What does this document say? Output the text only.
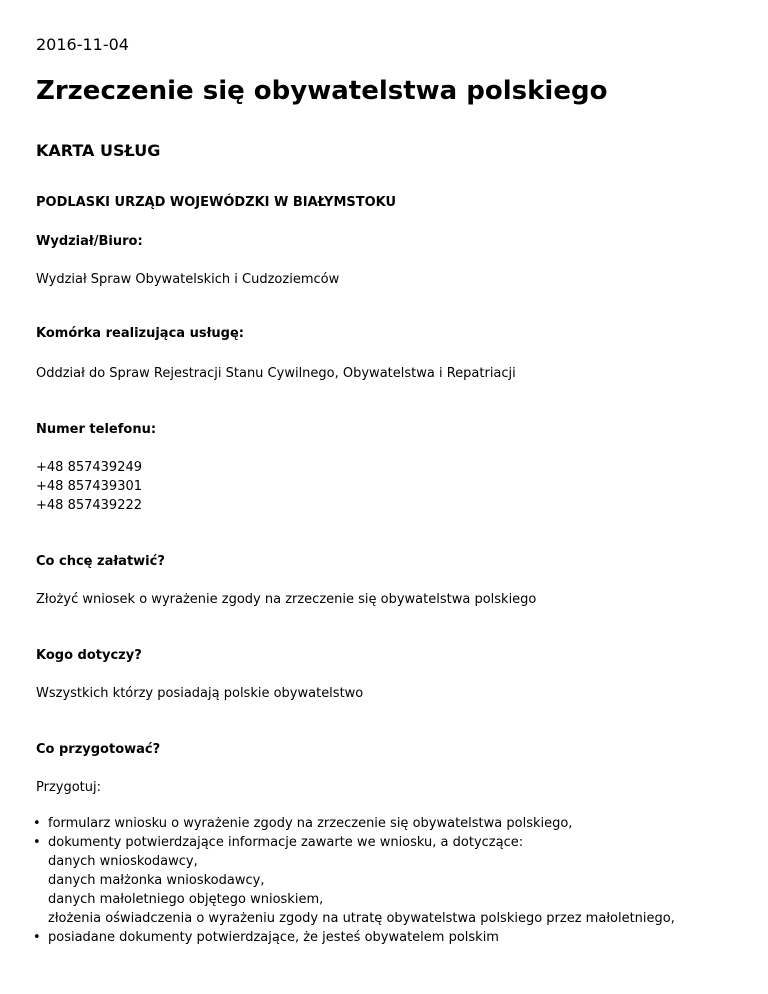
2016-11-04
Zrzeczenie się obywatelstwa polskiego
KARTA USŁUG
PODLASKI URZĄD WOJEWÓDZKI W BIAŁYMSTOKU
Wydział/Biuro:
Wydział Spraw Obywatelskich i Cudzoziemców
Komórka realizująca usługę:
Oddział do Spraw Rejestracji Stanu Cywilnego, Obywatelstwa i Repatriacji
Numer telefonu:
+48 857439249
+48 857439301
+48 857439222
Co chcę załatwić?
Złożyć wniosek o wyrażenie zgody na zrzeczenie się obywatelstwa polskiego
Kogo dotyczy?
Wszystkich którzy posiadają polskie obywatelstwo
Co przygotować?
Przygotuj:
• formularz wniosku o wyrażenie zgody na zrzeczenie się obywatelstwa polskiego,
• dokumenty potwierdzające informacje zawarte we wniosku, a dotyczące:
danych wnioskodawcy,
danych małżonka wnioskodawcy,
danych małoletniego objętego wnioskiem,
złożenia oświadczenia o wyrażeniu zgody na utratę obywatelstwa polskiego przez małoletniego,
• posiadane dokumenty potwierdzające, że jesteś obywatelem polskim
